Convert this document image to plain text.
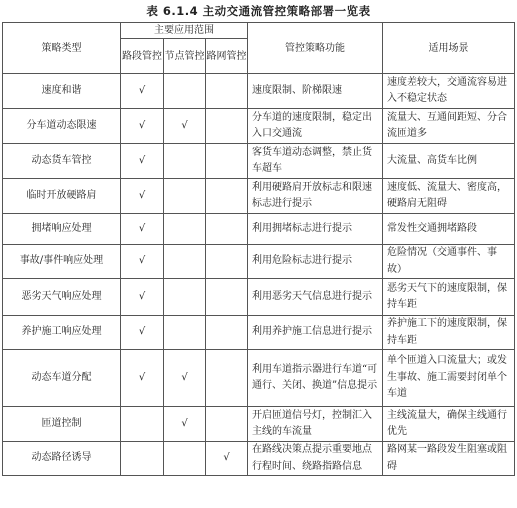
表 6.1.4 主动交通流管控策略部署一览表
策略类型	主要应用范围			管控策略功能	适用场景
	路段管控	节点管控	路网管控		
速度和谐	√			速度限制、阶梯限速	速度差较大，交通流容易进入不稳定状态
分车道动态限速	√	√		分车道的速度限制，稳定出入口交通流	流量大、互通间距短、分合流匝道多
动态货车管控	√			客货车道动态调整，禁止货车超车	大流量、高货车比例
临时开放硬路肩	√			利用硬路肩开放标志和限速标志进行提示	速度低、流量大、密度高，硬路肩无阻碍
拥堵响应处理	√			利用拥堵标志进行提示	常发性交通拥堵路段
事故/事件响应处理	√			利用危险标志进行提示	危险情况（交通事件、事故）
恶劣天气响应处理	√			利用恶劣天气信息进行提示	恶劣天气下的速度限制，保持车距
养护施工响应处理	√			利用养护施工信息进行提示	养护施工下的速度限制，保持车距
动态车道分配	√	√		利用车道指示器进行车道“可通行、关闭、换道”信息提示	单个匝道入口流量大；或发生事故、施工需要封闭单个车道
匝道控制		√		开启匝道信号灯，控制汇入主线的车流量	主线流量大，确保主线通行优先
动态路径诱导			√	在路线决策点提示重要地点行程时间、绕路指路信息	路网某一路段发生阻塞或阻碍
